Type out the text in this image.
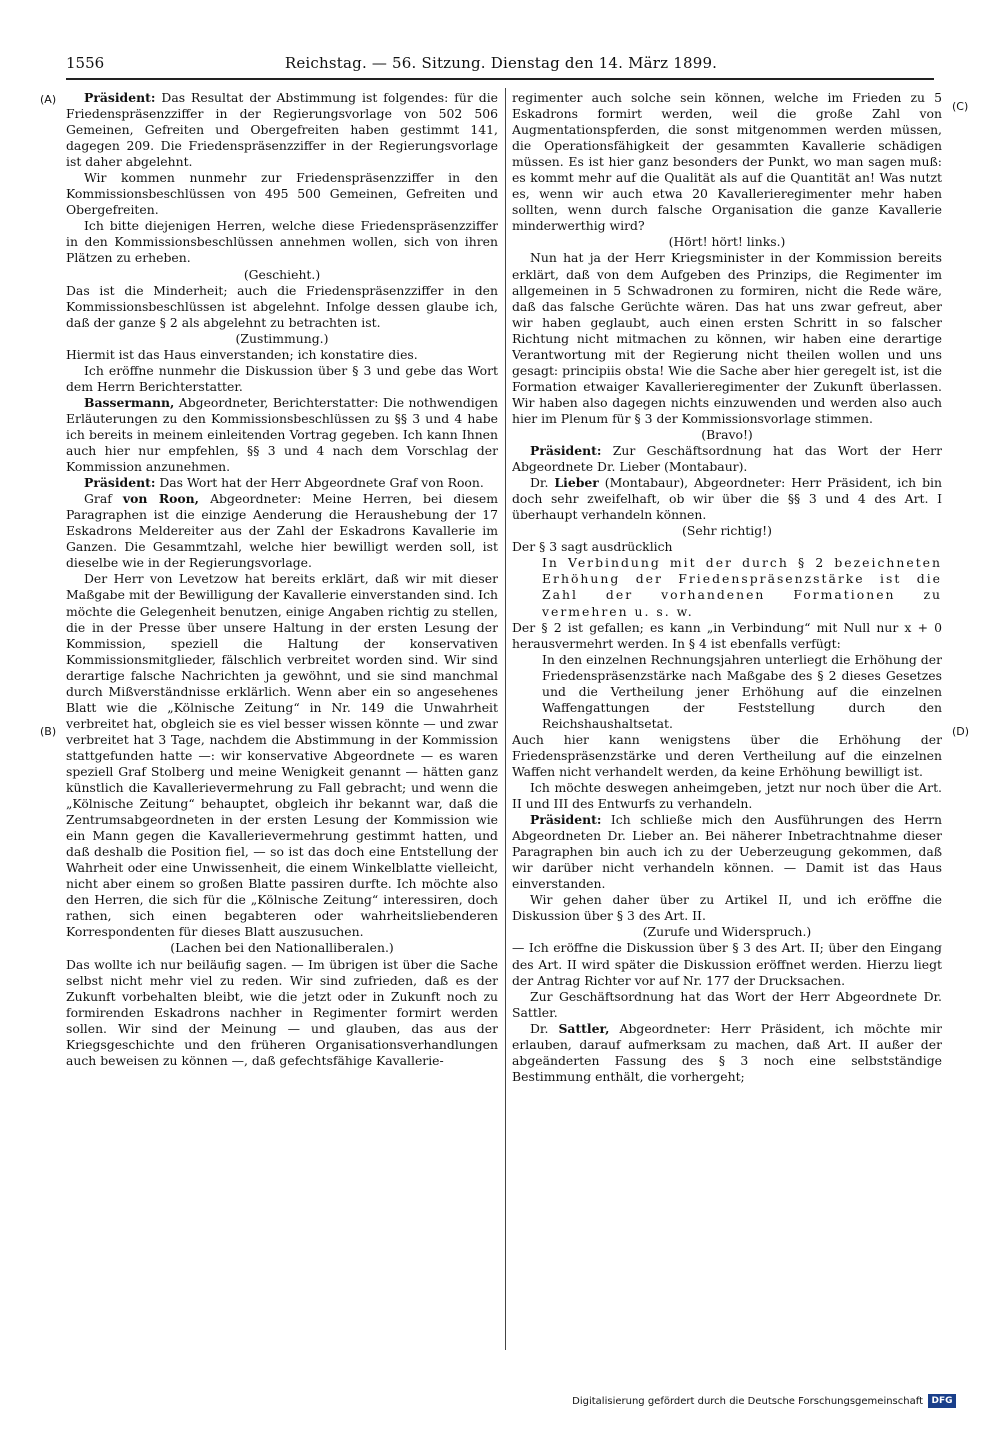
1556	Reichstag. — 56. Sitzung. Dienstag den 14. März 1899.
(A)
(B)
(C)
(D)

Präsident: Das Resultat der Abstimmung ist folgendes: für die Friedenspräsenzziffer in der Regierungsvorlage von 502 506 Gemeinen, Gefreiten und Obergefreiten haben gestimmt 141, dagegen 209. Die Friedenspräsenzziffer in der Regierungsvorlage ist daher abgelehnt.

Wir kommen nunmehr zur Friedenspräsenzziffer in den Kommissionsbeschlüssen von 495 500 Gemeinen, Gefreiten und Obergefreiten.

Ich bitte diejenigen Herren, welche diese Friedenspräsenzziffer in den Kommissionsbeschlüssen annehmen wollen, sich von ihren Plätzen zu erheben.

(Geschieht.)

Das ist die Minderheit; auch die Friedenspräsenzziffer in den Kommissionsbeschlüssen ist abgelehnt. Infolge dessen glaube ich, daß der ganze § 2 als abgelehnt zu betrachten ist.

(Zustimmung.)

Hiermit ist das Haus einverstanden; ich konstatire dies.

Ich eröffne nunmehr die Diskussion über § 3 und gebe das Wort dem Herrn Berichterstatter.

Bassermann, Abgeordneter, Berichterstatter: Die nothwendigen Erläuterungen zu den Kommissionsbeschlüssen zu §§ 3 und 4 habe ich bereits in meinem einleitenden Vortrag gegeben. Ich kann Ihnen auch hier nur empfehlen, §§ 3 und 4 nach dem Vorschlag der Kommission anzunehmen.

Präsident: Das Wort hat der Herr Abgeordnete Graf von Roon.

Graf von Roon, Abgeordneter: Meine Herren, bei diesem Paragraphen ist die einzige Aenderung die Heraushebung der 17 Eskadrons Meldereiter aus der Zahl der Eskadrons Kavallerie im Ganzen. Die Gesammtzahl, welche hier bewilligt werden soll, ist dieselbe wie in der Regierungsvorlage.

Der Herr von Levetzow hat bereits erklärt, daß wir mit dieser Maßgabe mit der Bewilligung der Kavallerie einverstanden sind. Ich möchte die Gelegenheit benutzen, einige Angaben richtig zu stellen, die in der Presse über unsere Haltung in der ersten Lesung der Kommission, speziell die Haltung der konservativen Kommissionsmitglieder, fälschlich verbreitet worden sind. Wir sind derartige falsche Nachrichten ja gewöhnt, und sie sind manchmal durch Mißverständnisse erklärlich. Wenn aber ein so angesehenes Blatt wie die „Kölnische Zeitung“ in Nr. 149 die Unwahrheit verbreitet hat, obgleich sie es viel besser wissen könnte — und zwar verbreitet hat 3 Tage, nachdem die Abstimmung in der Kommission stattgefunden hatte —: wir konservative Abgeordnete — es waren speziell Graf Stolberg und meine Wenigkeit genannt — hätten ganz künstlich die Kavallerievermehrung zu Fall gebracht; und wenn die „Kölnische Zeitung“ behauptet, obgleich ihr bekannt war, daß die Zentrumsabgeordneten in der ersten Lesung der Kommission wie ein Mann gegen die Kavallerievermehrung gestimmt hatten, und daß deshalb die Position fiel, — so ist das doch eine Entstellung der Wahrheit oder eine Unwissenheit, die einem Winkelblatte vielleicht, nicht aber einem so großen Blatte passiren durfte. Ich möchte also den Herren, die sich für die „Kölnische Zeitung“ interessiren, doch rathen, sich einen begabteren oder wahrheitsliebenderen Korrespondenten für dieses Blatt auszusuchen.

(Lachen bei den Nationalliberalen.)

Das wollte ich nur beiläufig sagen. — Im übrigen ist über die Sache selbst nicht mehr viel zu reden. Wir sind zufrieden, daß es der Zukunft vorbehalten bleibt, wie die jetzt oder in Zukunft noch zu formirenden Eskadrons nachher in Regimenter formirt werden sollen. Wir sind der Meinung — und glauben, das aus der Kriegsgeschichte und den früheren Organisationsverhandlungen auch beweisen zu können —, daß gefechtsfähige Kavallerie-

regimenter auch solche sein können, welche im Frieden zu 5 Eskadrons formirt werden, weil die große Zahl von Augmentationspferden, die sonst mitgenommen werden müssen, die Operationsfähigkeit der gesammten Kavallerie schädigen müssen. Es ist hier ganz besonders der Punkt, wo man sagen muß: es kommt mehr auf die Qualität als auf die Quantität an! Was nutzt es, wenn wir auch etwa 20 Kavallerieregimenter mehr haben sollten, wenn durch falsche Organisation die ganze Kavallerie minderwerthig wird?

(Hört! hört! links.)

Nun hat ja der Herr Kriegsminister in der Kommission bereits erklärt, daß von dem Aufgeben des Prinzips, die Regimenter im allgemeinen in 5 Schwadronen zu formiren, nicht die Rede wäre, daß das falsche Gerüchte wären. Das hat uns zwar gefreut, aber wir haben geglaubt, auch einen ersten Schritt in so falscher Richtung nicht mitmachen zu können, wir haben eine derartige Verantwortung mit der Regierung nicht theilen wollen und uns gesagt: principiis obsta! Wie die Sache aber hier geregelt ist, ist die Formation etwaiger Kavallerieregimenter der Zukunft überlassen. Wir haben also dagegen nichts einzuwenden und werden also auch hier im Plenum für § 3 der Kommissionsvorlage stimmen.

(Bravo!)

Präsident: Zur Geschäftsordnung hat das Wort der Herr Abgeordnete Dr. Lieber (Montabaur).

Dr. Lieber (Montabaur), Abgeordneter: Herr Präsident, ich bin doch sehr zweifelhaft, ob wir über die §§ 3 und 4 des Art. I überhaupt verhandeln können.

(Sehr richtig!)

Der § 3 sagt ausdrücklich

In Verbindung mit der durch § 2 bezeichneten Erhöhung der Friedenspräsenzstärke ist die Zahl der vorhandenen Formationen zu vermehren u. s. w.

Der § 2 ist gefallen; es kann „in Verbindung“ mit Null nur x + 0 herausvermehrt werden. In § 4 ist ebenfalls verfügt:

In den einzelnen Rechnungsjahren unterliegt die Erhöhung der Friedenspräsenzstärke nach Maßgabe des § 2 dieses Gesetzes und die Vertheilung jener Erhöhung auf die einzelnen Waffengattungen der Feststellung durch den Reichshaushaltsetat.

Auch hier kann wenigstens über die Erhöhung der Friedenspräsenzstärke und deren Vertheilung auf die einzelnen Waffen nicht verhandelt werden, da keine Erhöhung bewilligt ist.

Ich möchte deswegen anheimgeben, jetzt nur noch über die Art. II und III des Entwurfs zu verhandeln.

Präsident: Ich schließe mich den Ausführungen des Herrn Abgeordneten Dr. Lieber an. Bei näherer Inbetrachtnahme dieser Paragraphen bin auch ich zu der Ueberzeugung gekommen, daß wir darüber nicht verhandeln können. — Damit ist das Haus einverstanden.

Wir gehen daher über zu Artikel II, und ich eröffne die Diskussion über § 3 des Art. II.

(Zurufe und Widerspruch.)

— Ich eröffne die Diskussion über § 3 des Art. II; über den Eingang des Art. II wird später die Diskussion eröffnet werden. Hierzu liegt der Antrag Richter vor auf Nr. 177 der Drucksachen.

Zur Geschäftsordnung hat das Wort der Herr Abgeordnete Dr. Sattler.

Dr. Sattler, Abgeordneter: Herr Präsident, ich möchte mir erlauben, darauf aufmerksam zu machen, daß Art. II außer der abgeänderten Fassung des § 3 noch eine selbstständige Bestimmung enthält, die vorhergeht;

Digitalisierung gefördert durch die Deutsche Forschungsgemeinschaft DFG
